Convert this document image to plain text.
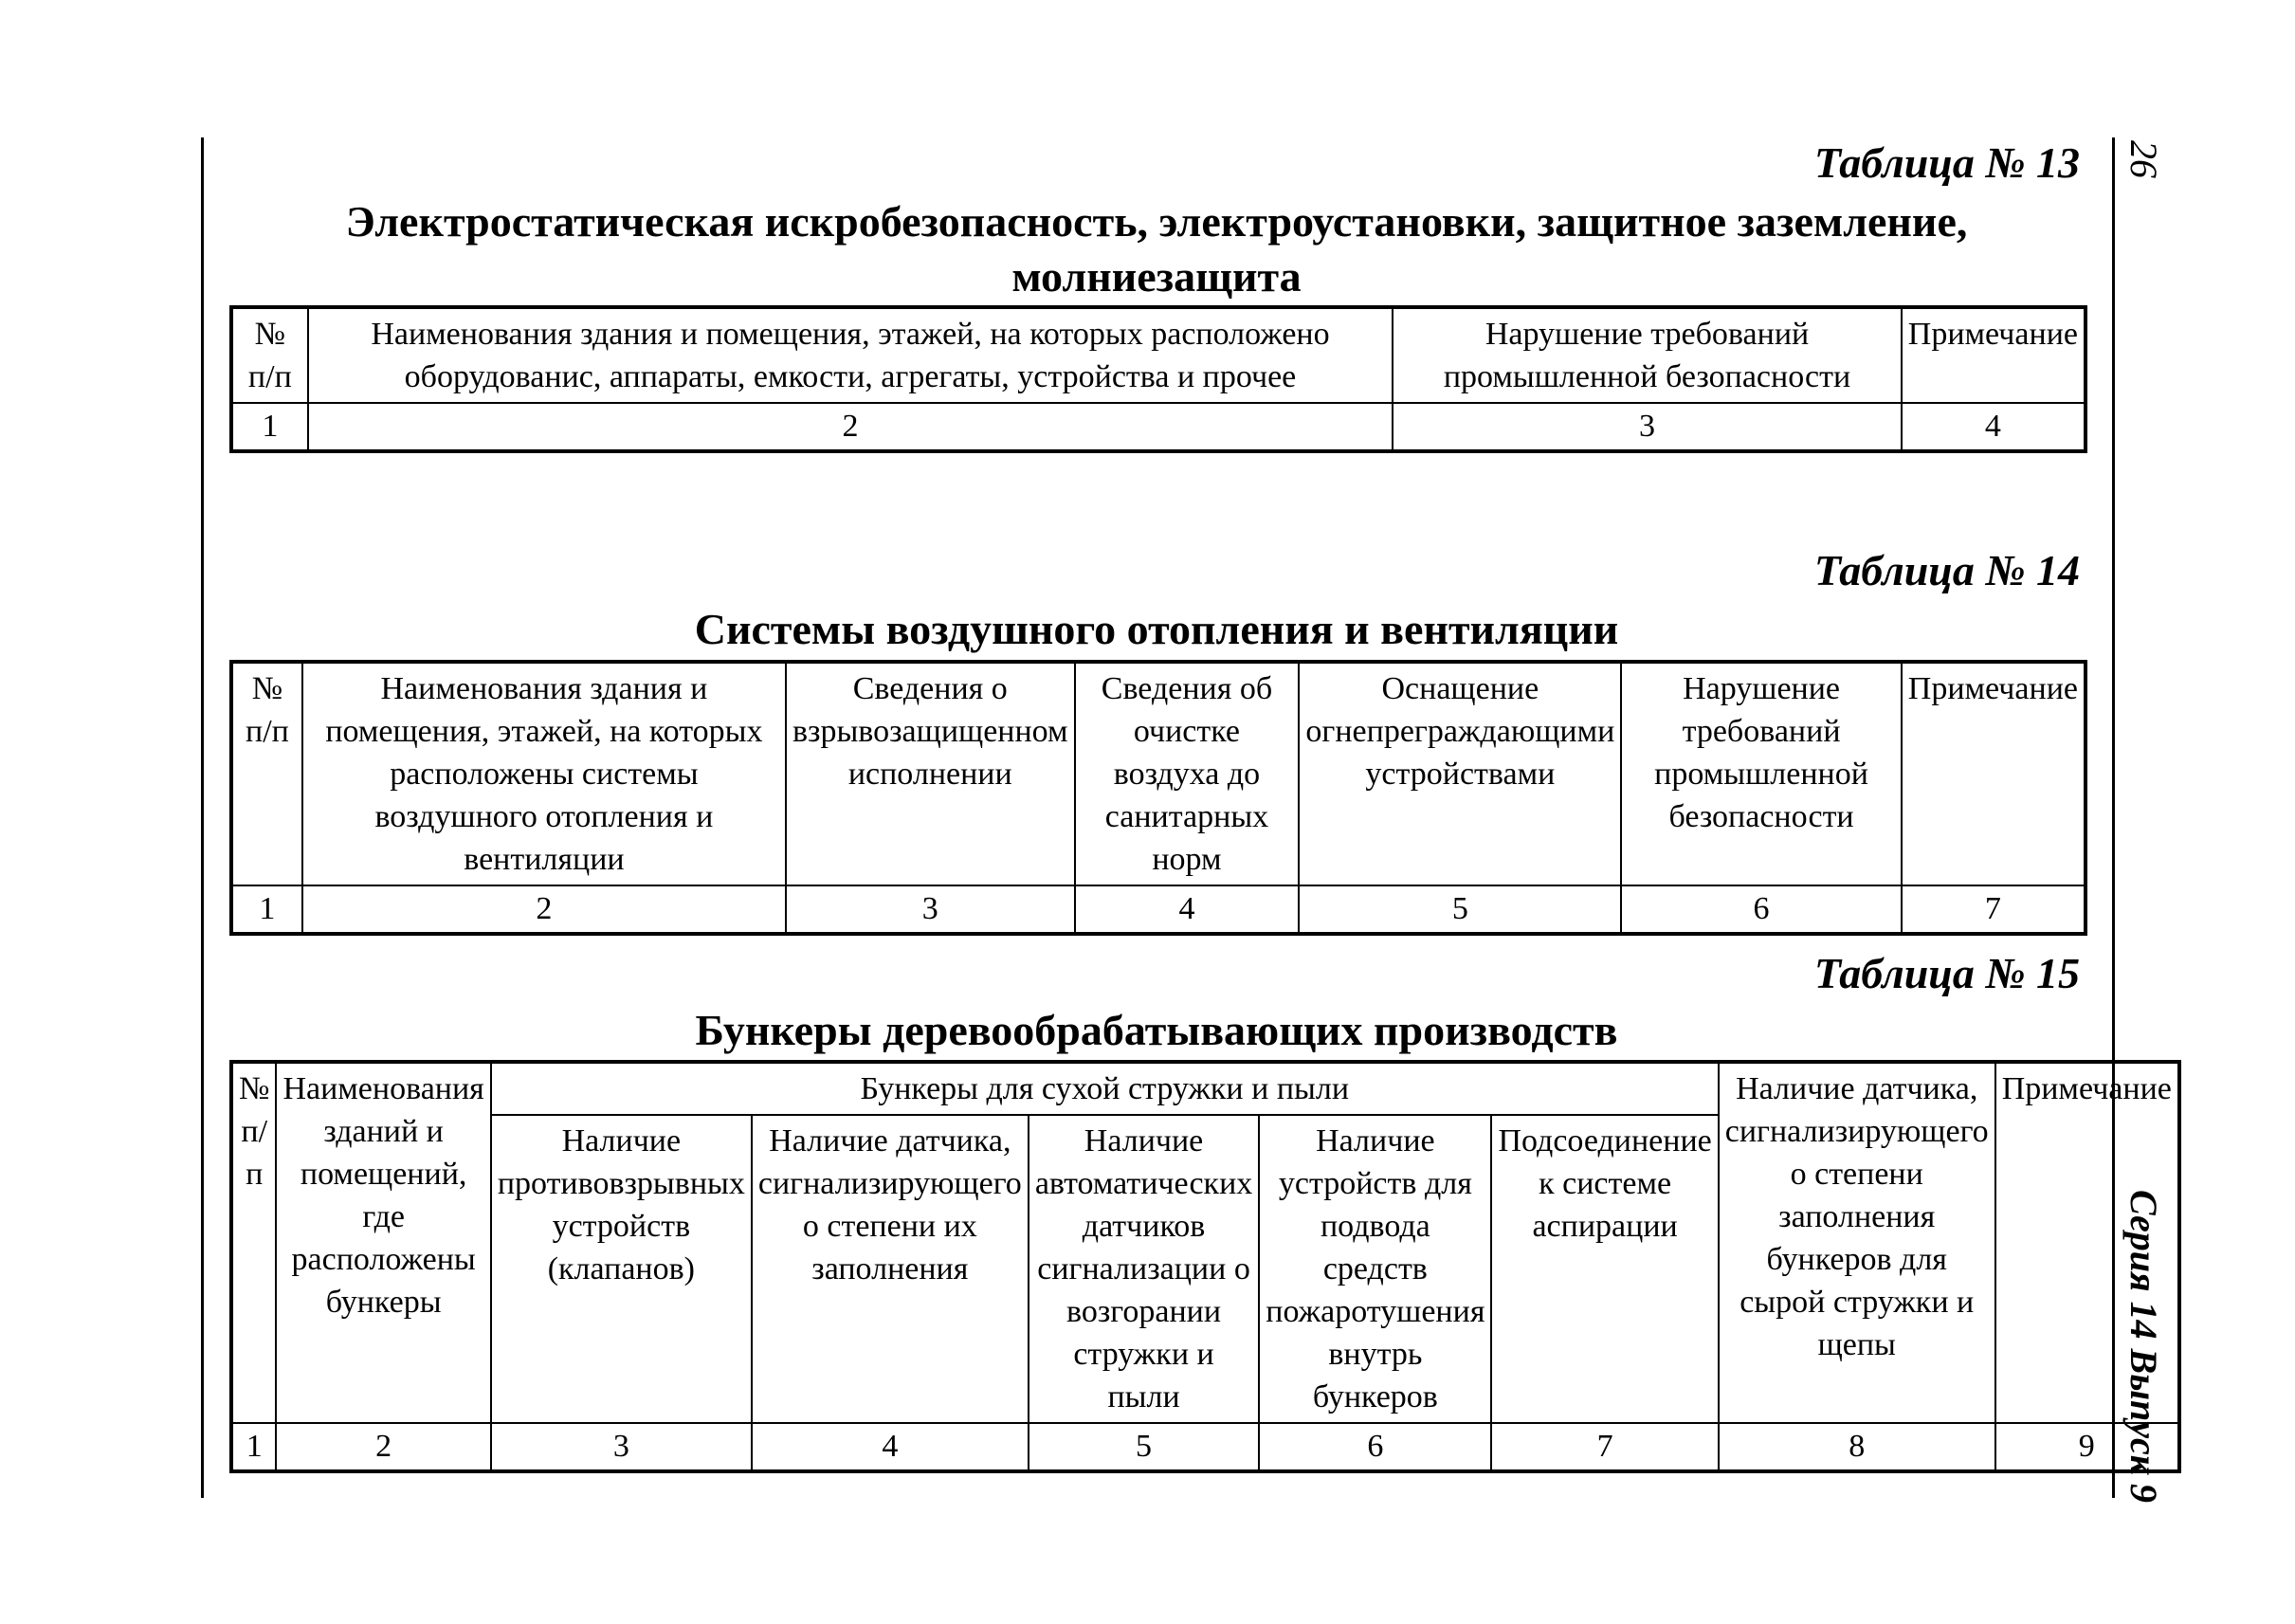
26
Серия 14 Выпуск 9
Таблица № 13
Электростатическая искробезопасность, электроустановки, защитное заземление, молниезащита
№ п/п	Наименования здания и помещения, этажей, на которых расположено оборудованис, аппараты, емкости, агрегаты, устройства и прочее	Нарушение требований промышленной безопасности	Примечание
1	2	3	4
Таблица № 14
Системы воздушного отопления и вентиляции
№ п/п	Наименования здания и помещения, этажей, на которых расположены системы воздушного отопления и вентиляции	Сведения о взрывозащищенном исполнении	Сведения об очистке воздуха до санитарных норм	Оснащение огнепреграждающими устройствами	Нарушение требований промышленной безопасности	Примечание
1	2	3	4	5	6	7
Таблица № 15
Бункеры деревообрабатывающих производств
№ п/п	Наименования зданий и помещений, где расположены бункеры	Бункеры для сухой стружки и пыли					Наличие датчика, сигнализирующего о степени заполнения бункеров для сырой стружки и щепы	Примечание
		Наличие противовзрывных устройств (клапанов)	Наличие датчика, сигнализирующего о степени их заполнения	Наличие автоматических датчиков сигнализации о возгорании стружки и пыли	Наличие устройств для подвода средств пожаротушения внутрь бункеров	Подсоединение к системе аспирации		
1	2	3	4	5	6	7	8	9
